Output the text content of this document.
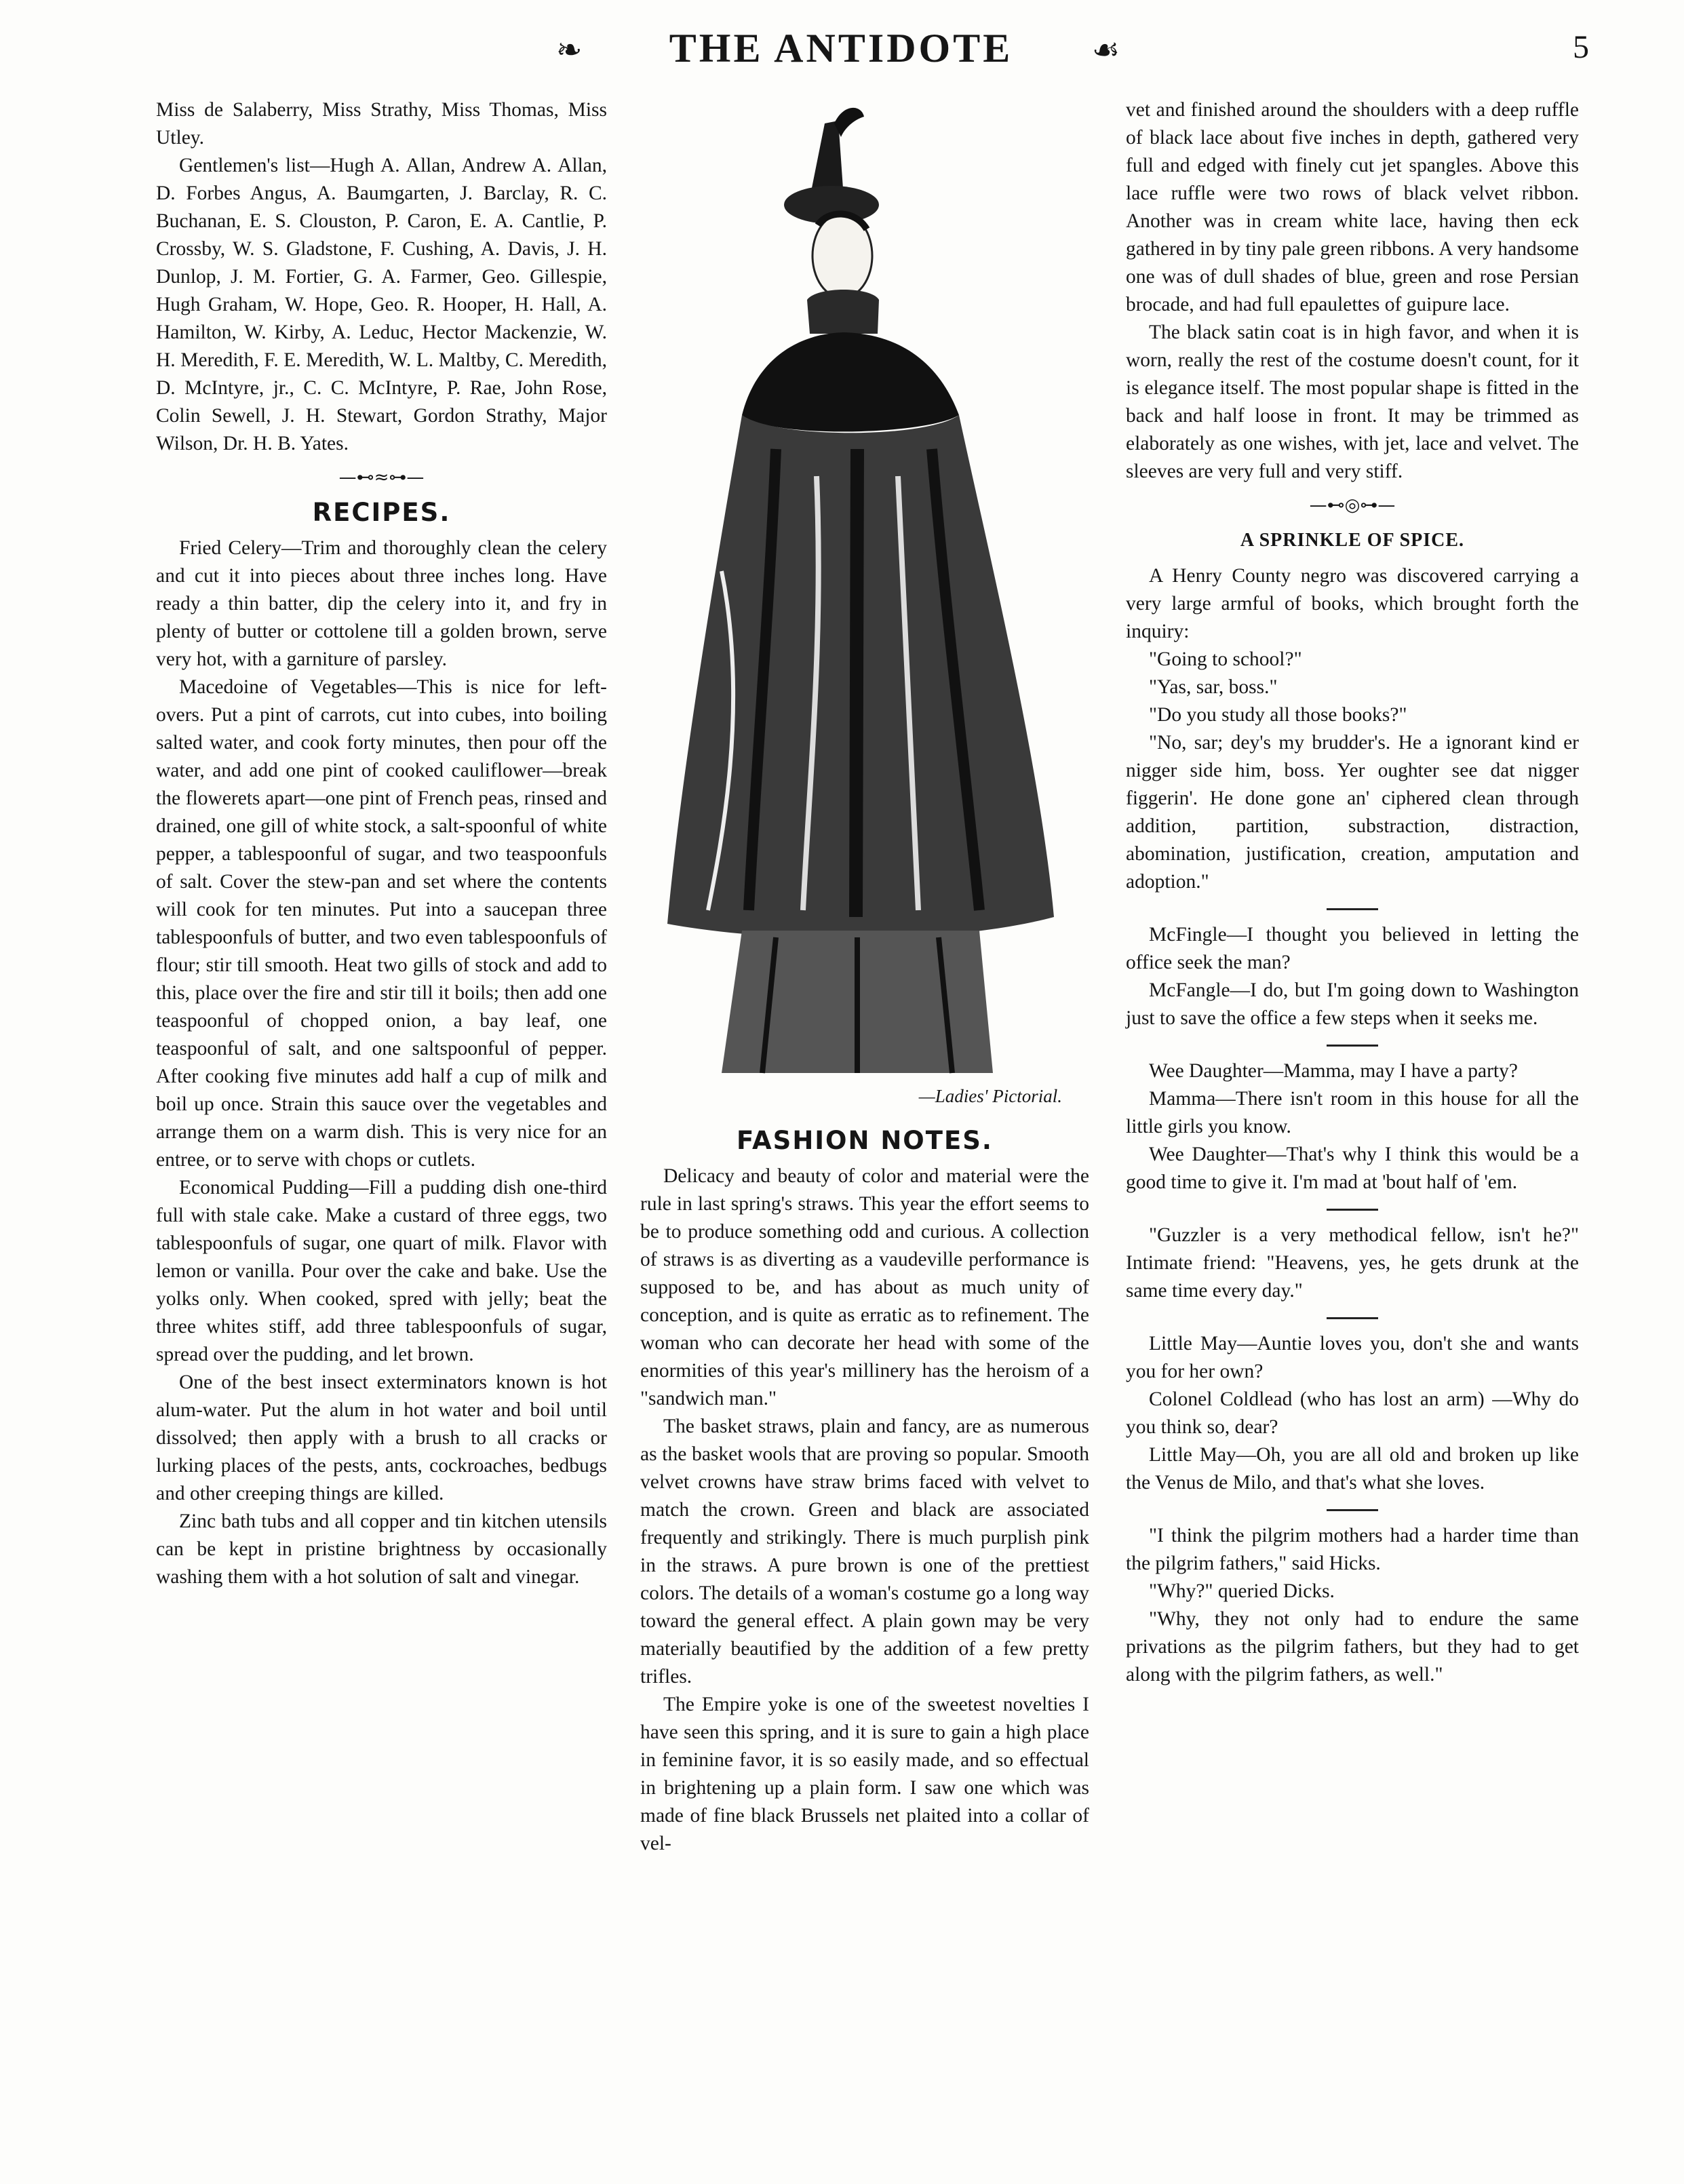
❧	THE ANTIDOTE	☙	5

Miss de Salaberry, Miss Strathy, Miss Thomas, Miss Utley.

Gentlemen's list—Hugh A. Allan, Andrew A. Allan, D. Forbes Angus, A. Baumgarten, J. Barclay, R. C. Buchanan, E. S. Clouston, P. Caron, E. A. Cantlie, P. Crossby, W. S. Gladstone, F. Cushing, A. Davis, J. H. Dunlop, J. M. Fortier, G. A. Farmer, Geo. Gillespie, Hugh Graham, W. Hope, Geo. R. Hooper, H. Hall, A. Hamilton, W. Kirby, A. Leduc, Hector Mackenzie, W. H. Meredith, F. E. Meredith, W. L. Maltby, C. Meredith, D. McIntyre, jr., C. C. McIntyre, P. Rae, John Rose, Colin Sewell, J. H. Stewart, Gordon Strathy, Major Wilson, Dr. H. B. Yates.

—⊷≈⊶—
RECIPES.

Fried Celery—Trim and thoroughly clean the celery and cut it into pieces about three inches long. Have ready a thin batter, dip the celery into it, and fry in plenty of butter or cottolene till a golden brown, serve very hot, with a garniture of parsley.

Macedoine of Vegetables—This is nice for left-overs. Put a pint of carrots, cut into cubes, into boiling salted water, and cook forty minutes, then pour off the water, and add one pint of cooked cauliflower—break the flowerets apart—one pint of French peas, rinsed and drained, one gill of white stock, a salt-spoonful of white pepper, a tablespoonful of sugar, and two teaspoonfuls of salt. Cover the stew-pan and set where the contents will cook for ten minutes. Put into a saucepan three tablespoonfuls of butter, and two even tablespoonfuls of flour; stir till smooth. Heat two gills of stock and add to this, place over the fire and stir till it boils; then add one teaspoonful of chopped onion, a bay leaf, one teaspoonful of salt, and one saltspoonful of pepper. After cooking five minutes add half a cup of milk and boil up once. Strain this sauce over the vegetables and arrange them on a warm dish. This is very nice for an entree, or to serve with chops or cutlets.

Economical Pudding—Fill a pudding dish one-third full with stale cake. Make a custard of three eggs, two tablespoonfuls of sugar, one quart of milk. Flavor with lemon or vanilla. Pour over the cake and bake. Use the yolks only. When cooked, spred with jelly; beat the three whites stiff, add three tablespoonfuls of sugar, spread over the pudding, and let brown.

One of the best insect exterminators known is hot alum-water. Put the alum in hot water and boil until dissolved; then apply with a brush to all cracks or lurking places of the pests, ants, cockroaches, bedbugs and other creeping things are killed.

Zinc bath tubs and all copper and tin kitchen utensils can be kept in pristine brightness by occasionally washing them with a hot solution of salt and vinegar.

—Ladies' Pictorial.
FASHION NOTES.

Delicacy and beauty of color and material were the rule in last spring's straws. This year the effort seems to be to produce something odd and curious. A collection of straws is as diverting as a vaudeville performance is supposed to be, and has about as much unity of conception, and is quite as erratic as to refinement. The woman who can decorate her head with some of the enormities of this year's millinery has the heroism of a "sandwich man."

The basket straws, plain and fancy, are as numerous as the basket wools that are proving so popular. Smooth velvet crowns have straw brims faced with velvet to match the crown. Green and black are associated frequently and strikingly. There is much purplish pink in the straws. A pure brown is one of the prettiest colors. The details of a woman's costume go a long way toward the general effect. A plain gown may be very materially beautified by the addition of a few pretty trifles.

The Empire yoke is one of the sweetest novelties I have seen this spring, and it is sure to gain a high place in feminine favor, it is so easily made, and so effectual in brightening up a plain form. I saw one which was made of fine black Brussels net plaited into a collar of vel-

vet and finished around the shoulders with a deep ruffle of black lace about five inches in depth, gathered very full and edged with finely cut jet spangles. Above this lace ruffle were two rows of black velvet ribbon. Another was in cream white lace, having then eck gathered in by tiny pale green ribbons. A very handsome one was of dull shades of blue, green and rose Persian brocade, and had full epaulettes of guipure lace.

The black satin coat is in high favor, and when it is worn, really the rest of the costume doesn't count, for it is elegance itself. The most popular shape is fitted in the back and half loose in front. It may be trimmed as elaborately as one wishes, with jet, lace and velvet. The sleeves are very full and very stiff.

—⊷◎⊶—
A SPRINKLE OF SPICE.

A Henry County negro was discovered carrying a very large armful of books, which brought forth the inquiry:

"Going to school?"

"Yas, sar, boss."

"Do you study all those books?"

"No, sar; dey's my brudder's. He a ignorant kind er nigger side him, boss. Yer oughter see dat nigger figgerin'. He done gone an' ciphered clean through addition, partition, substraction, distraction, abomination, justification, creation, amputation and adoption."

McFingle—I thought you believed in letting the office seek the man?

McFangle—I do, but I'm going down to Washington just to save the office a few steps when it seeks me.

Wee Daughter—Mamma, may I have a party?

Mamma—There isn't room in this house for all the little girls you know.

Wee Daughter—That's why I think this would be a good time to give it. I'm mad at 'bout half of 'em.

"Guzzler is a very methodical fellow, isn't he?" Intimate friend: "Heavens, yes, he gets drunk at the same time every day."

Little May—Auntie loves you, don't she and wants you for her own?

Colonel Coldlead (who has lost an arm) —Why do you think so, dear?

Little May—Oh, you are all old and broken up like the Venus de Milo, and that's what she loves.

"I think the pilgrim mothers had a harder time than the pilgrim fathers," said Hicks.

"Why?" queried Dicks.

"Why, they not only had to endure the same privations as the pilgrim fathers, but they had to get along with the pilgrim fathers, as well."
